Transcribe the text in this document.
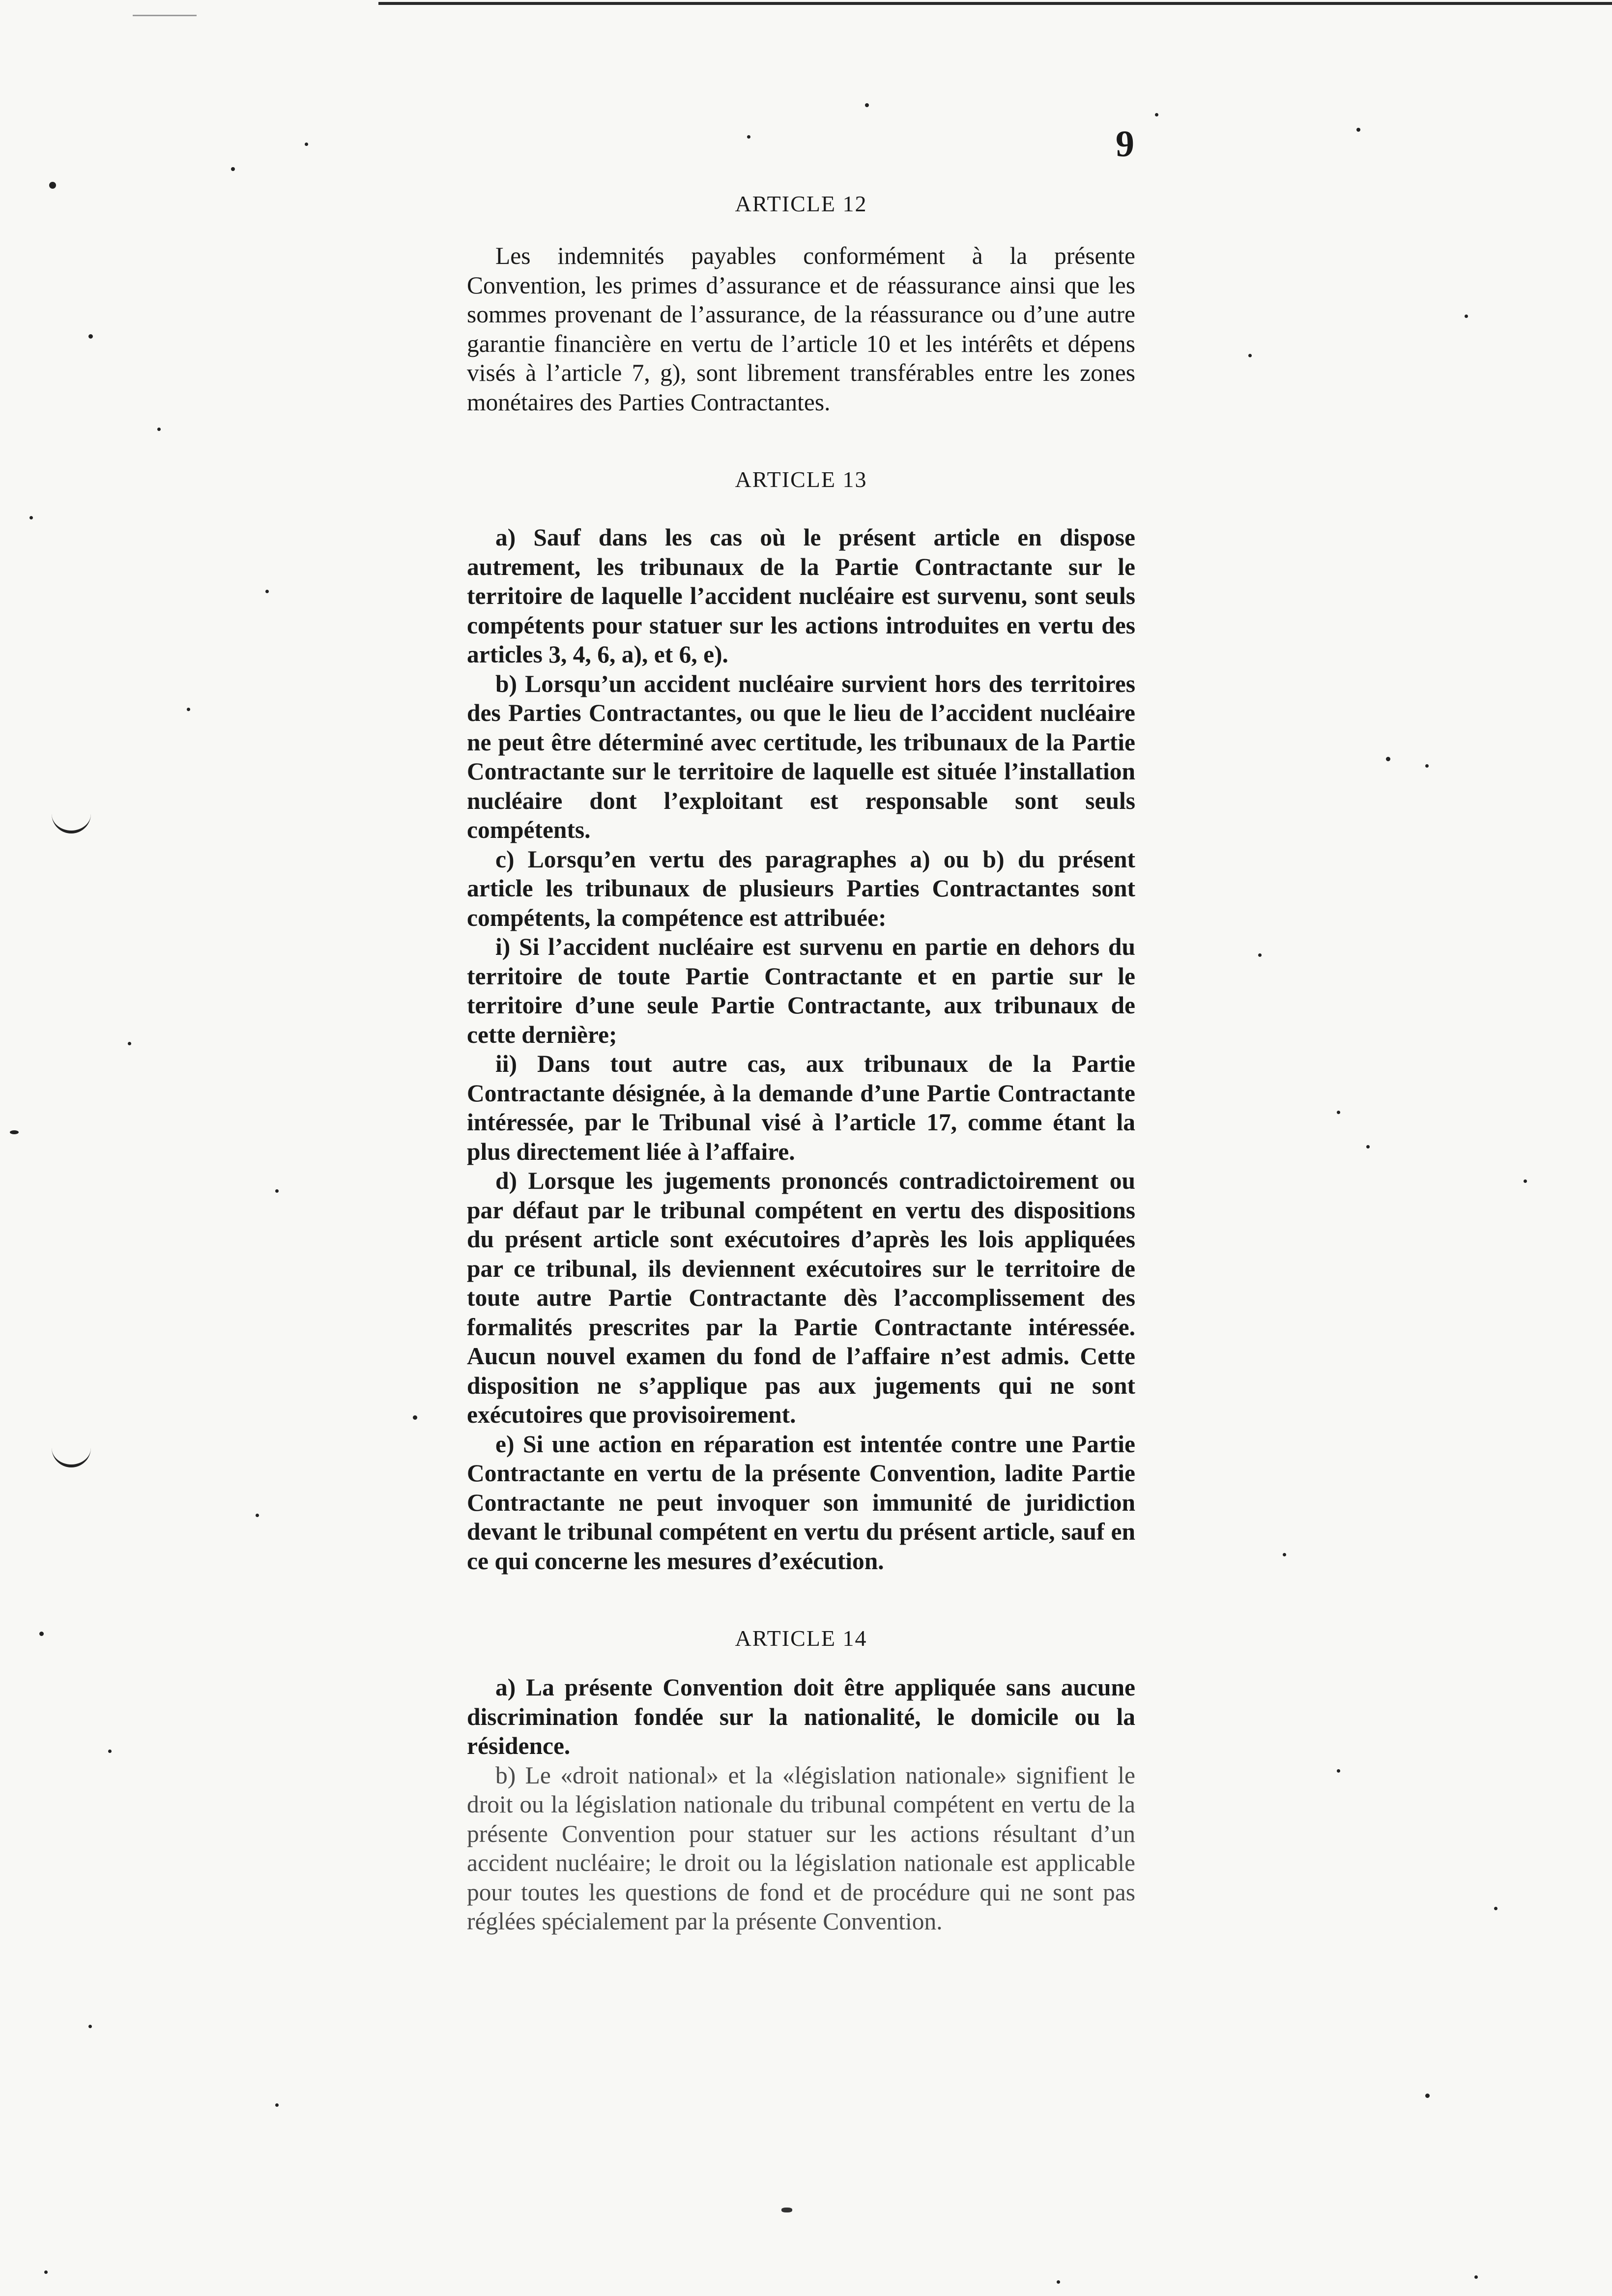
9
ARTICLE 12

Les indemnités payables conformément à la présente Convention, les primes d’assurance et de réassurance ainsi que les sommes provenant de l’assurance, de la réassurance ou d’une autre garantie financière en vertu de l’article 10 et les intérêts et dépens visés à l’article 7, g), sont librement transférables entre les zones monétaires des Parties Contractantes.

ARTICLE 13

a) Sauf dans les cas où le présent article en dispose autrement, les tribunaux de la Partie Contractante sur le territoire de laquelle l’accident nucléaire est survenu, sont seuls compétents pour statuer sur les actions introduites en vertu des articles 3, 4, 6, a), et 6, e).

b) Lorsqu’un accident nucléaire survient hors des territoires des Parties Contractantes, ou que le lieu de l’accident nucléaire ne peut être déterminé avec certitude, les tribunaux de la Partie Contractante sur le territoire de laquelle est située l’installation nucléaire dont l’exploitant est responsable sont seuls compétents.

c) Lorsqu’en vertu des paragraphes a) ou b) du présent article les tribunaux de plusieurs Parties Contractantes sont compétents, la compétence est attribuée:

i) Si l’accident nucléaire est survenu en partie en dehors du territoire de toute Partie Contractante et en partie sur le territoire d’une seule Partie Contractante, aux tribunaux de cette dernière;

ii) Dans tout autre cas, aux tribunaux de la Partie Contractante désignée, à la demande d’une Partie Contractante intéressée, par le Tribunal visé à l’article 17, comme étant la plus directement liée à l’affaire.

d) Lorsque les jugements prononcés contradictoirement ou par défaut par le tribunal compétent en vertu des dispositions du présent article sont exécutoires d’après les lois appliquées par ce tribunal, ils deviennent exécutoires sur le territoire de toute autre Partie Contractante dès l’accomplissement des formalités prescrites par la Partie Contractante intéressée. Aucun nouvel examen du fond de l’affaire n’est admis. Cette disposition ne s’applique pas aux jugements qui ne sont exécutoires que provisoirement.

e) Si une action en réparation est intentée contre une Partie Contractante en vertu de la présente Convention, ladite Partie Contractante ne peut invoquer son immunité de juridiction devant le tribunal compétent en vertu du présent article, sauf en ce qui concerne les mesures d’exécution.

ARTICLE 14

a) La présente Convention doit être appliquée sans aucune discrimination fondée sur la nationalité, le domicile ou la résidence.

b) Le «droit national» et la «législation nationale» signifient le droit ou la législation nationale du tribunal compétent en vertu de la présente Convention pour statuer sur les actions résultant d’un accident nucléaire; le droit ou la législation nationale est applicable pour toutes les questions de fond et de procédure qui ne sont pas réglées spécialement par la présente Convention.
